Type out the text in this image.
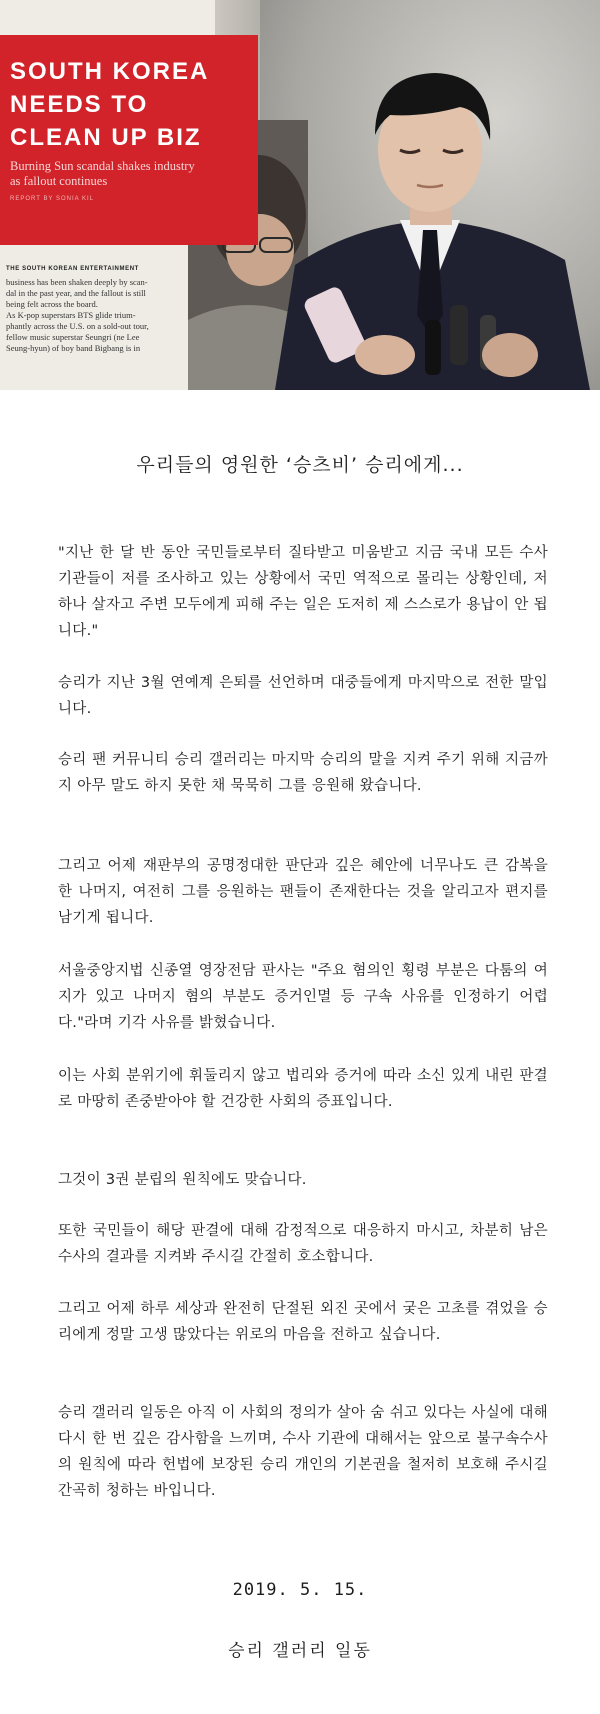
SOUTH KOREA
NEEDS TO
CLEAN UP BIZ

Burning Sun scandal shakes industry
as fallout continues

REPORT BY SONIA KIL
THE SOUTH KOREAN ENTERTAINMENT

business has been shaken deeply by scan-
dal in the past year, and the fallout is still
being felt across the board.
As K-pop superstars BTS glide trium-
phantly across the U.S. on a sold-out tour,
fellow music superstar Seungri (ne Lee
Seung-hyun) of boy band Bigbang is in

우리들의 영원한 ‘승츠비’ 승리에게...

"지난 한 달 반 동안 국민들로부터 질타받고 미움받고 지금 국내 모든 수사 기관들이 저를 조사하고 있는 상황에서 국민 역적으로 몰리는 상황인데, 저 하나 살자고 주변 모두에게 피해 주는 일은 도저히 제 스스로가 용납이 안 됩니다."

승리가 지난 3월 연예계 은퇴를 선언하며 대중들에게 마지막으로 전한 말입니다.

승리 팬 커뮤니티 승리 갤러리는 마지막 승리의 말을 지켜 주기 위해 지금까지 아무 말도 하지 못한 채 묵묵히 그를 응원해 왔습니다.

그리고 어제 재판부의 공명정대한 판단과 깊은 혜안에 너무나도 큰 감복을 한 나머지, 여전히 그를 응원하는 팬들이 존재한다는 것을 알리고자 편지를 남기게 됩니다.

서울중앙지법 신종열 영장전담 판사는 "주요 혐의인 횡령 부분은 다툼의 여지가 있고 나머지 혐의 부분도 증거인멸 등 구속 사유를 인정하기 어렵다."라며 기각 사유를 밝혔습니다.

이는 사회 분위기에 휘둘리지 않고 법리와 증거에 따라 소신 있게 내린 판결로 마땅히 존중받아야 할 건강한 사회의 증표입니다.

그것이 3권 분립의 원칙에도 맞습니다.

또한 국민들이 해당 판결에 대해 감정적으로 대응하지 마시고, 차분히 남은 수사의 결과를 지켜봐 주시길 간절히 호소합니다.

그리고 어제 하루 세상과 완전히 단절된 외진 곳에서 궂은 고초를 겪었을 승리에게 정말 고생 많았다는 위로의 마음을 전하고 싶습니다.

승리 갤러리 일동은 아직 이 사회의 정의가 살아 숨 쉬고 있다는 사실에 대해 다시 한 번 깊은 감사함을 느끼며, 수사 기관에 대해서는 앞으로 불구속수사의 원칙에 따라 헌법에 보장된 승리 개인의 기본권을 철저히 보호해 주시길 간곡히 청하는 바입니다.

2019. 5. 15.
승리 갤러리 일동
